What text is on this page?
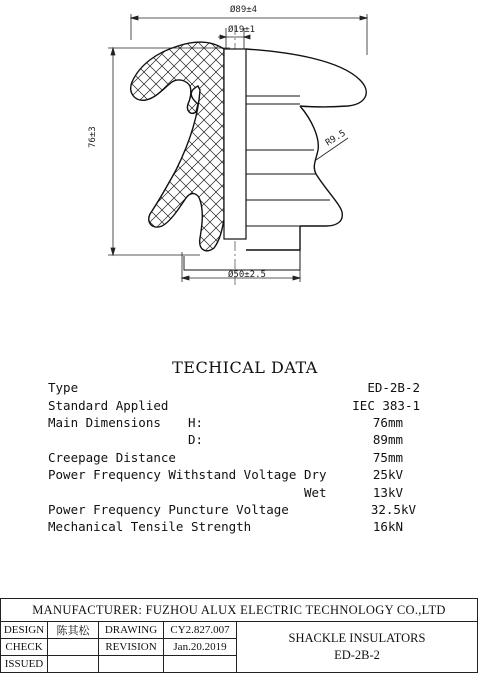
Ø89±4
Ø19±1
76±3	R9.5
Ø50±2.5
TECHICAL DATA
Type	ED-2B-2
Standard Applied	IEC 383-1
Main Dimensions H:	76mm
D:	89mm
Creepage Distance	75mm
Power Frequency Withstand Voltage Dry	25kV
Wet	13kV
Power Frequency Puncture Voltage	32.5kV
Mechanical Tensile Strength	16kN
MANUFACTURER: FUZHOU ALUX ELECTRIC TECHNOLOGY CO.,LTD				
DESIGN	陈其松	DRAWING	CY2.827.007	SHACKLE INSULATORS
ED-2B-2

CHECK		REVISION	Jan.20.2019	
ISSUED				
